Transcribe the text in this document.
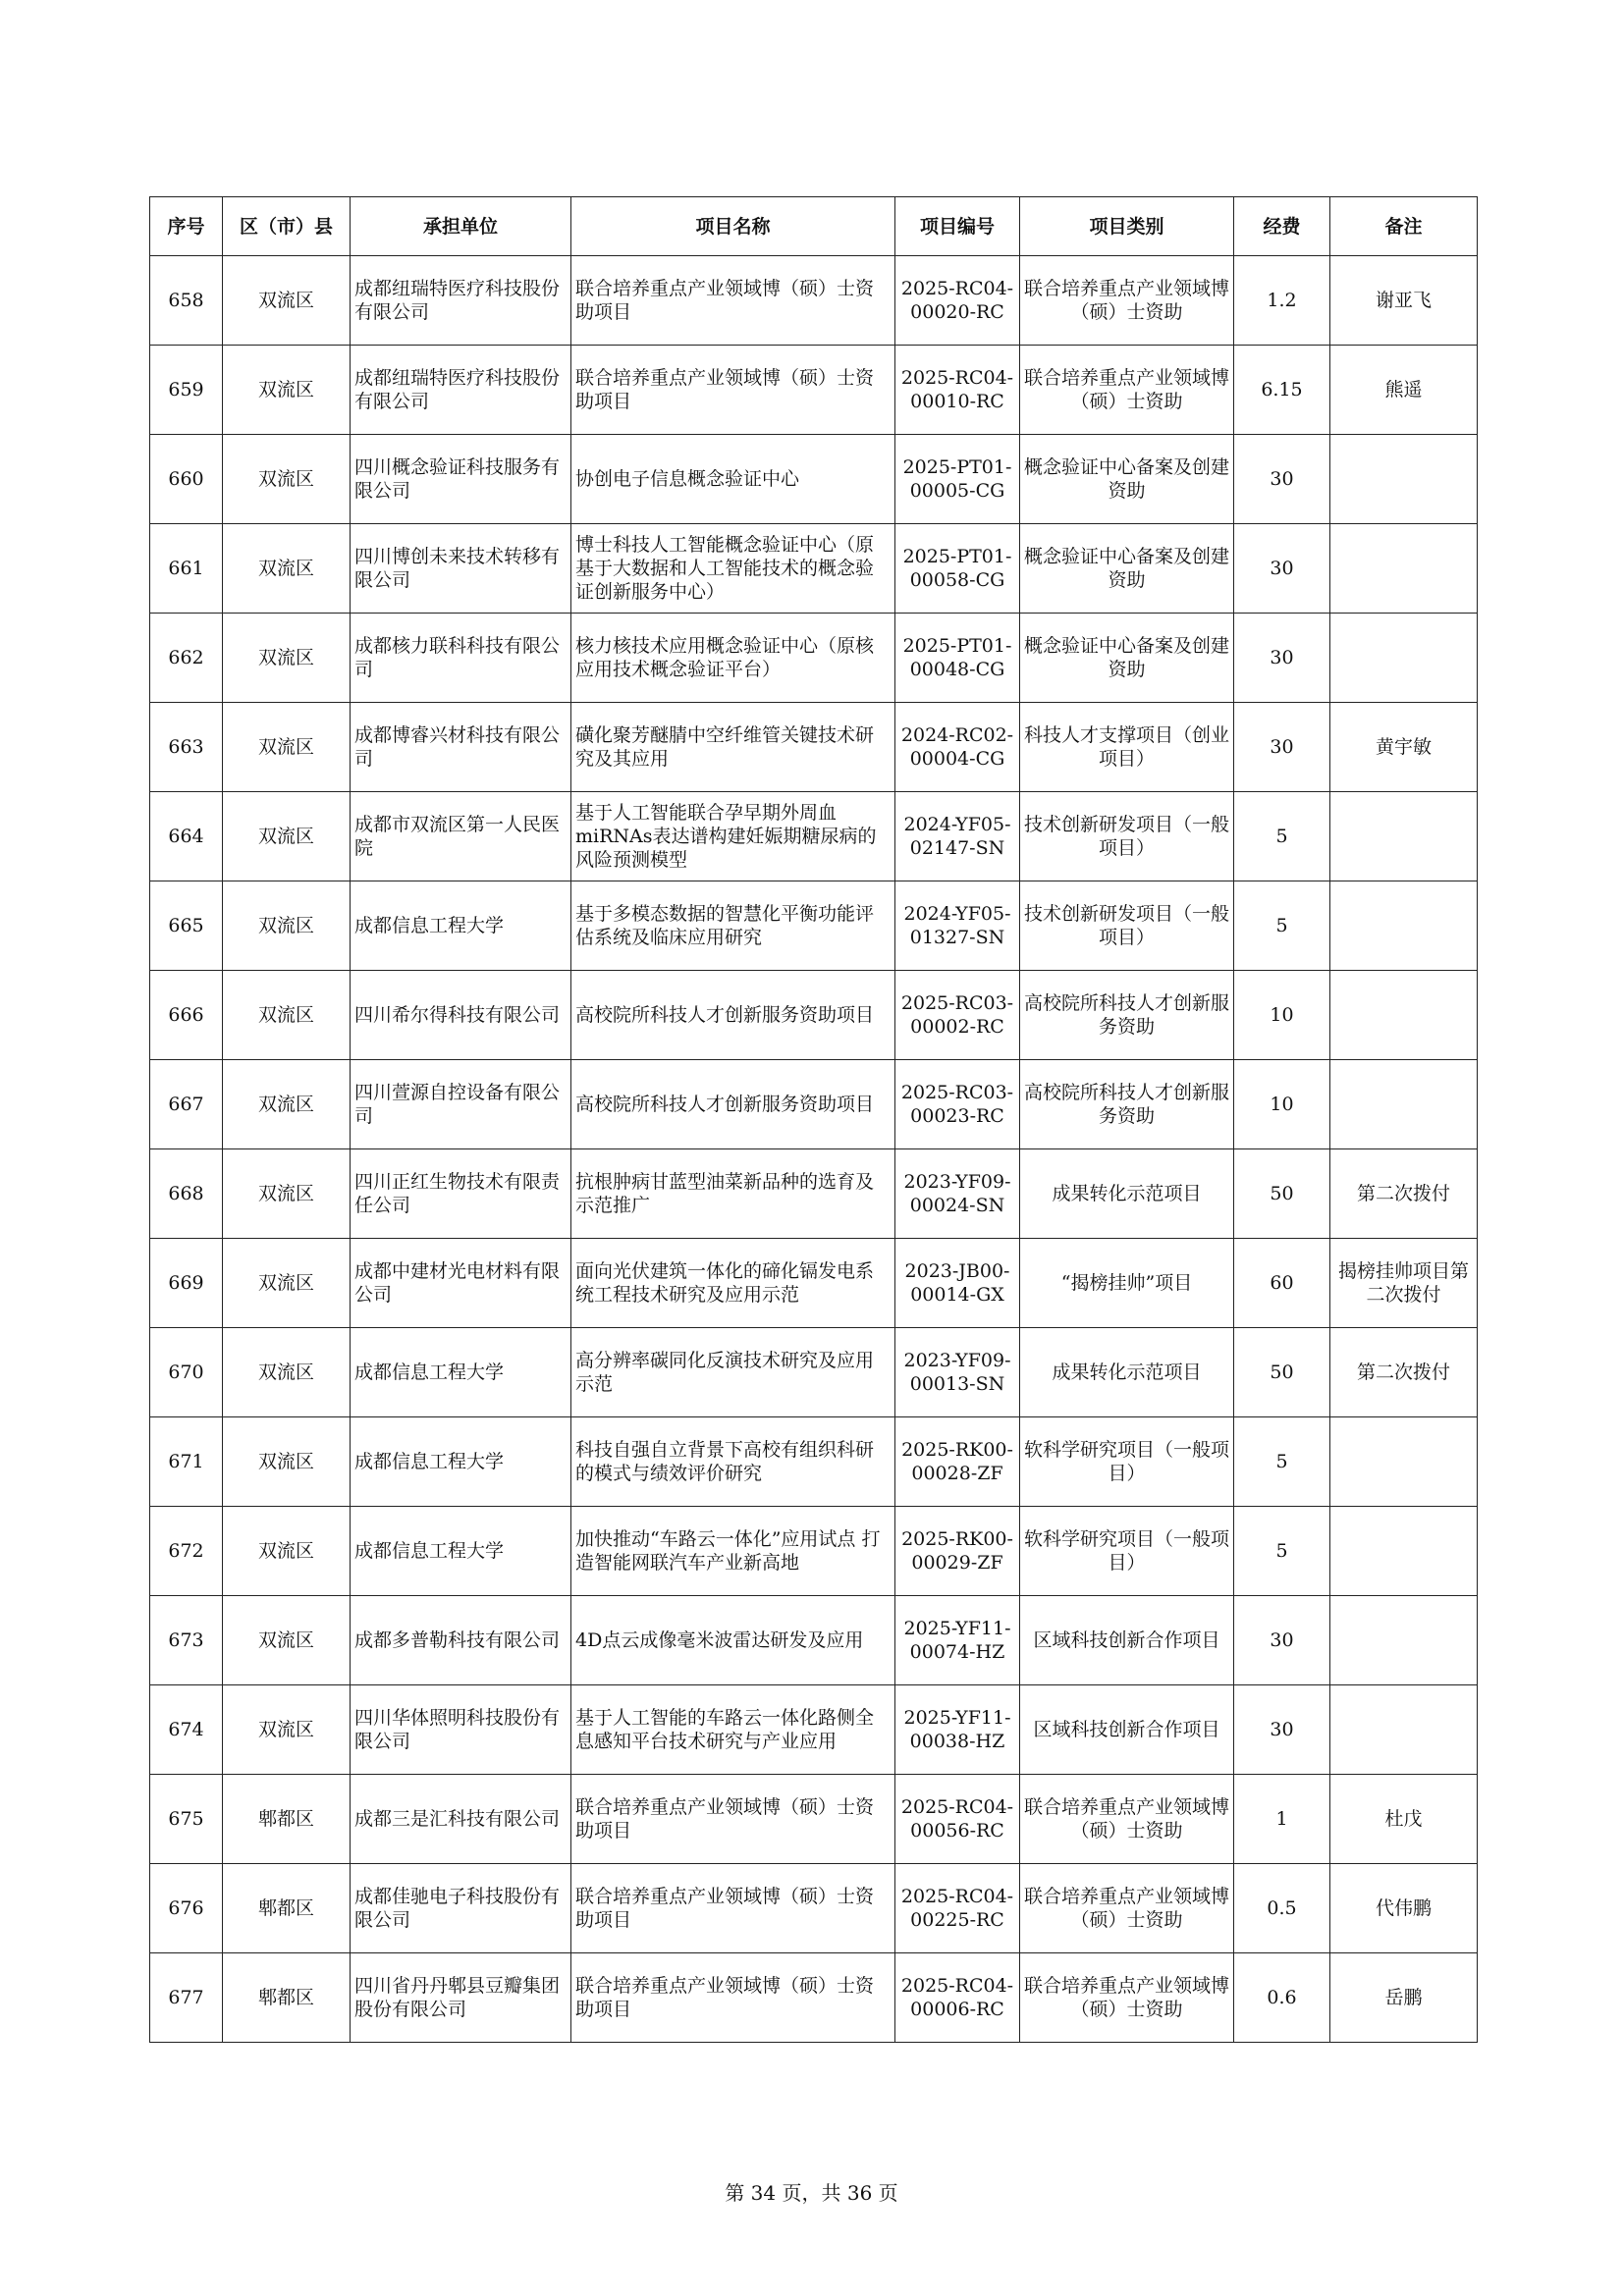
序号	区（市）县	承担单位	项目名称	项目编号	项目类别	经费	备注
658	双流区	成都纽瑞特医疗科技股份有限公司	联合培养重点产业领域博（硕）士资助项目	2025-RC04-00020-RC	联合培养重点产业领域博（硕）士资助	1.2	谢亚飞
659	双流区	成都纽瑞特医疗科技股份有限公司	联合培养重点产业领域博（硕）士资助项目	2025-RC04-00010-RC	联合培养重点产业领域博（硕）士资助	6.15	熊遥
660	双流区	四川概念验证科技服务有限公司	协创电子信息概念验证中心	2025-PT01-00005-CG	概念验证中心备案及创建资助	30	
661	双流区	四川博创未来技术转移有限公司	博士科技人工智能概念验证中心（原基于大数据和人工智能技术的概念验证创新服务中心）	2025-PT01-00058-CG	概念验证中心备案及创建资助	30	
662	双流区	成都核力联科科技有限公司	核力核技术应用概念验证中心（原核应用技术概念验证平台）	2025-PT01-00048-CG	概念验证中心备案及创建资助	30	
663	双流区	成都博睿兴材科技有限公司	磺化聚芳醚腈中空纤维管关键技术研究及其应用	2024-RC02-00004-CG	科技人才支撑项目（创业项目）	30	黄宇敏
664	双流区	成都市双流区第一人民医院	基于人工智能联合孕早期外周血miRNAs表达谱构建妊娠期糖尿病的风险预测模型	2024-YF05-02147-SN	技术创新研发项目（一般项目）	5	
665	双流区	成都信息工程大学	基于多模态数据的智慧化平衡功能评估系统及临床应用研究	2024-YF05-01327-SN	技术创新研发项目（一般项目）	5	
666	双流区	四川希尔得科技有限公司	高校院所科技人才创新服务资助项目	2025-RC03-00002-RC	高校院所科技人才创新服务资助	10	
667	双流区	四川萱源自控设备有限公司	高校院所科技人才创新服务资助项目	2025-RC03-00023-RC	高校院所科技人才创新服务资助	10	
668	双流区	四川正红生物技术有限责任公司	抗根肿病甘蓝型油菜新品种的选育及示范推广	2023-YF09-00024-SN	成果转化示范项目	50	第二次拨付
669	双流区	成都中建材光电材料有限公司	面向光伏建筑一体化的碲化镉发电系统工程技术研究及应用示范	2023-JB00-00014-GX	“揭榜挂帅”项目	60	揭榜挂帅项目第二次拨付
670	双流区	成都信息工程大学	高分辨率碳同化反演技术研究及应用示范	2023-YF09-00013-SN	成果转化示范项目	50	第二次拨付
671	双流区	成都信息工程大学	科技自强自立背景下高校有组织科研的模式与绩效评价研究	2025-RK00-00028-ZF	软科学研究项目（一般项目）	5	
672	双流区	成都信息工程大学	加快推动“车路云一体化”应用试点 打造智能网联汽车产业新高地	2025-RK00-00029-ZF	软科学研究项目（一般项目）	5	
673	双流区	成都多普勒科技有限公司	4D点云成像毫米波雷达研发及应用	2025-YF11-00074-HZ	区域科技创新合作项目	30	
674	双流区	四川华体照明科技股份有限公司	基于人工智能的车路云一体化路侧全息感知平台技术研究与产业应用	2025-YF11-00038-HZ	区域科技创新合作项目	30	
675	郫都区	成都三是汇科技有限公司	联合培养重点产业领域博（硕）士资助项目	2025-RC04-00056-RC	联合培养重点产业领域博（硕）士资助	1	杜戊
676	郫都区	成都佳驰电子科技股份有限公司	联合培养重点产业领域博（硕）士资助项目	2025-RC04-00225-RC	联合培养重点产业领域博（硕）士资助	0.5	代伟鹏
677	郫都区	四川省丹丹郫县豆瓣集团股份有限公司	联合培养重点产业领域博（硕）士资助项目	2025-RC04-00006-RC	联合培养重点产业领域博（硕）士资助	0.6	岳鹏
第 34 页，共 36 页
